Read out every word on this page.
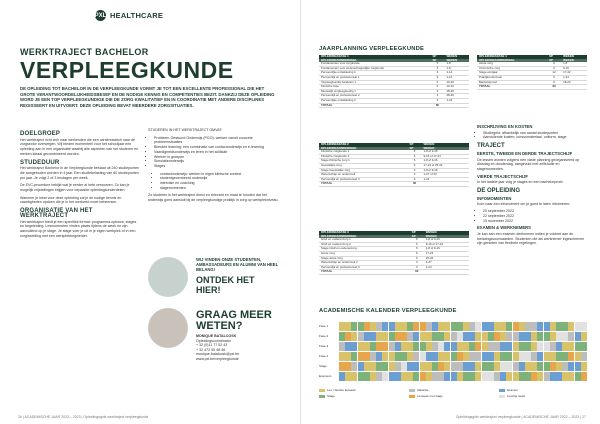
PXL HEALTHCARE
WERKTRAJECT BACHELOR
VERPLEEGKUNDE
DE OPLEIDING TOT BACHELOR IN DE VERPLEEGKUNDE VORMT JE TOT EEN EXCELLENTE PROFESSIONAL DIE HET GROTE VERANTWOORDELIJKHEIDSBESEF EN DE NODIGE KENNIS EN COMPETENTIES BEZIT. DANKZIJ DEZE OPLEIDING WORD JE EEN TOP VERPLEEGKUNDIGE DIE DE ZORG KWALITATIEF EN IN COORDINATIE MET ANDERE DISCIPLINES REGISSEERT EN UITVOERT. DEZE OPLEIDING BEVAT MEERDERE ZORGSITUATIES.
DOELGROEP

Het werktraject richt zich naar werkenden die een carrièreswitch naar de zorgsector overwegen. Wij bieden momenteel voor het schooljaar een opleiding aan in een organisatie waarbij alle aspecten van het studeren en werken ideaal gecombineerd worden.

STUDEDUUR

Het werktraject Bachelor in de Verpleegkunde bestaat uit 240 studiepunten die aangeboden worden in 4 jaar. Een studiebelasting van 60 studiepunten per jaar. Je volgt 2 of 3 lesdagen per week.

De EVC-procedure bekijkt wat je eerder al hebt verworven. Zo kan je mogelijk vrijstellingen krijgen voor bepaalde opleidingsonderdelen.

Wanneer je kiest voor deze opleiding zal je de nodige kennis en vaardigheden opdoen die je in het werkveld moet beheersen.

ORGANISATIE VAN HET WERKTRAJECT

Het werktraject biedt je een specifiek format: programma-opbouw, stages en begeleiding. Lesmomenten vinden plaats tijdens de week en zijn aanvullend op je stage. Je stage voer je uit in je eigen werkplek of in een zorginstelling met een werkplekbegeleider.

STUDEREN IN HET WERKTRAJECT OMVAT:

• Probleem-Gestuurd Onderwijs (PGO): werken vanuit concrete probleemsituaties
• Blended learning: een combinatie van contactonderwijs en e-learning
• Vaardigheidsonderwijs en leren in het skillslab
• Werken in groepen
• Simulatieonderwijs
• Stages
• contactonderwijs: werken in eigen klinische context
• studentgecentreerd onderwijs
• intervisie en coaching
• stagemomenten

Zo studeren is het werktraject direct en relevant en maar te houden dat het onderwijs goed aansluit bij de verpleegkundige praktijk in zorg op werkplekniveau.

WIJ VINDEN ONZE STUDENTEN, AMBASSADEURS EN ALUMNI VAN HEEL BELANG!
ONTDEK HET HIER!
GRAAG MEER WETEN?
MONIQUE BATALCOSK
Opleidingscoördinator
+ 32 (0)11 77 52 43
+ 32 472 05 48 46
monique.batalcosk@pxl.be
www.pxl.be/verpleegkunde
26 | ACADEMISCHE JAAR 2022 – 2023 | Opleidingsgids werktraject verpleegkunde
JAARPLANNING VERPLEEGKUNDE
OPLEIDINGSFASE 1	SP	WEKEN
OPLEIDINGSONDERDEEL	SP	WEKEN
Fundamenten voor zorgkunde	6	1-8
Fundamenten voor wetenschappelijke zorgkunde	6	1-8
Persoonlijke ontwikkeling 1	3	1-14
Persoonlijk en professionele 1	3	1-12
Verpleegkundig handelen 1	6	10-20
Klinische fase	6	12-24
Menselijk verpleegkundig 1	6	18-25
Persoonlijk en professioneel 2	3	28-30
Persoonlijke ontwikkeling 2	3	1-24
TOTAAL	60	
OPLEIDINGSFASE 2	SP	WEKEN
OPLEIDINGSONDERDEEL	SP	WEKEN
Klinische zorgkunde 1	6	1-8 of 9-16
Klinische zorgkunde 2	6	9-16 of 17-24
Stage Klinische zorg 1	6	1-8 of 9-16
Geestelijke zorg	6	17-24 of 25-32
Stage Geestelijke zorg	6	1-8 of 9-16
Wetenschap en onderzoek	3	1-27 of 33
Persoonlijk en professioneel 3	3	1-24
TOTAAL	60	
OPLEIDINGSFASE 3	SP	WEKEN
OPLEIDINGSONDERDEEL	SP	WEKEN
GGZ en ouderenzorg 1	6	1-8 of 9-16
GGZ en ouderenzorg 2	6	9-16 of 17-24
Stage GGZ en ouderenzorg	6	1-8 of 9-16
Acute zorg	6	17-24
Stage acute zorg	6	25-32
Wetenschap en onderzoek 2	3	1-27
Persoonlijk en professioneel 4	3	1-24
TOTAAL	60	
OPLEIDINGSFASE 4	SP	WEKEN
OPLEIDINGSONDERDEEL	SP	WEKEN
Acute zorg	6	1-8
Chronische zorg	6	9-16
Stage eindjaar	12	17-32
Praktijkonderzoek	6	1-24
Bachelorproef	6	18-24
TOTAAL	60	
INSCHRIJVING EN KOSTEN
• Studiegeld: afhankelijk van aantal studiepunten
• Aanvullende kosten: cursusmateriaal, uniform, stage
TRAJECT
EERSTE, TWEEDE EN DERDE TRAJECTSCHIJF

De lessen worden volgens een vaste planning georganiseerd op dinsdag en donderdag, aangevuld met zelfstudie en stagemomenten.

VIERDE TRAJECTSCHIJF

In het laatste jaar volg je stages en een bachelorproef.

DE OPLEIDING
INFOMOMENTEN

Kom naar een infomoment om je goed te laten informeren:

• 20 september 2022
• 22 september 2022
• 15 november 2022
EXAMEN & WERKNEMERS

Je kan aan een examen deelnemen indien je voldoet aan de toelatingsvoorwaarden. Studenten die als werknemer ingeschreven zijn genieten van flexibele regelingen.

ACADEMISCHE KALENDER VERPLEEGKUNDE
Fase 1
Fase 2
Fase 3
Fase 4
Stage
Examens
Les = Eerste lesweek	Vakantie	Examen
Stage	Lesweek met stage	Lesvrije week
Opleidingsgids werktraject verpleegkunde | ACADEMISCHE JAAR 2022 – 2023 | 27
